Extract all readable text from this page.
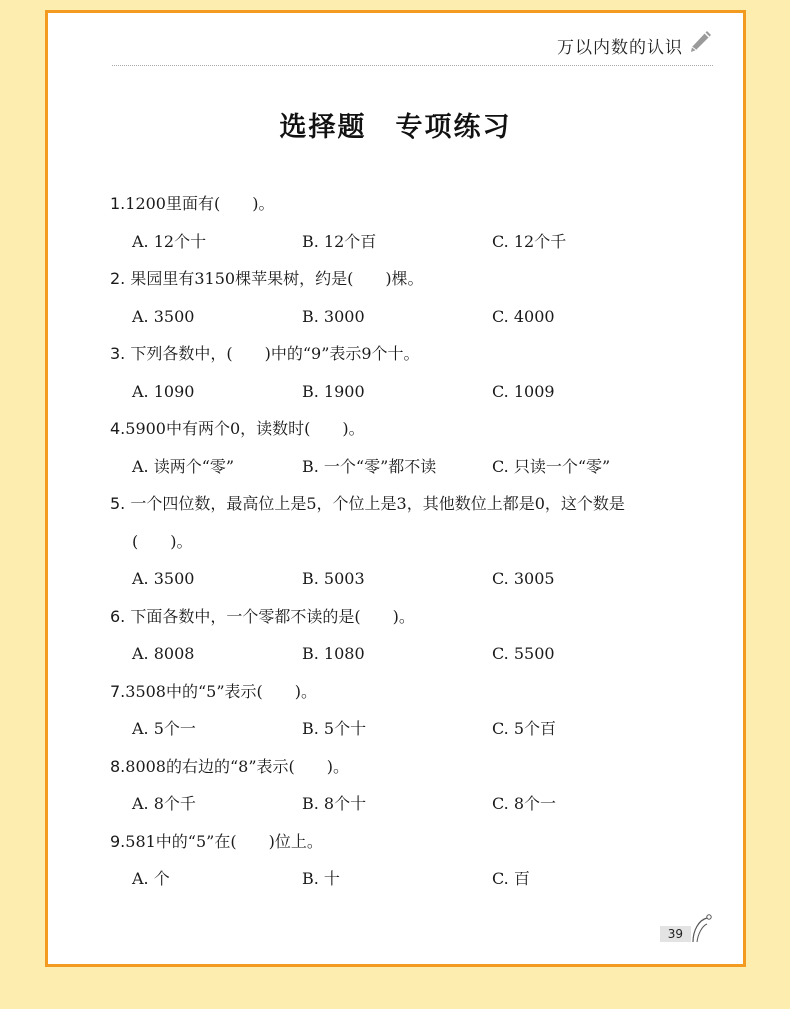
万以内数的认识
选择题　专项练习
1.1200里面有(　　)。
A. 12个十	B. 12个百	C. 12个千
2. 果园里有3150棵苹果树，约是(　　)棵。
A. 3500	B. 3000	C. 4000
3. 下列各数中，(　　)中的“9”表示9个十。
A. 1090	B. 1900	C. 1009
4.5900中有两个0，读数时(　　)。
A. 读两个“零”	B. 一个“零”都不读	C. 只读一个“零”
5. 一个四位数，最高位上是5，个位上是3，其他数位上都是0，这个数是
(　　)。
A. 3500	B. 5003	C. 3005
6. 下面各数中，一个零都不读的是(　　)。
A. 8008	B. 1080	C. 5500
7.3508中的“5”表示(　　)。
A. 5个一	B. 5个十	C. 5个百
8.8008的右边的“8”表示(　　)。
A. 8个千	B. 8个十	C. 8个一
9.581中的“5”在(　　)位上。
A. 个	B. 十	C. 百
39
